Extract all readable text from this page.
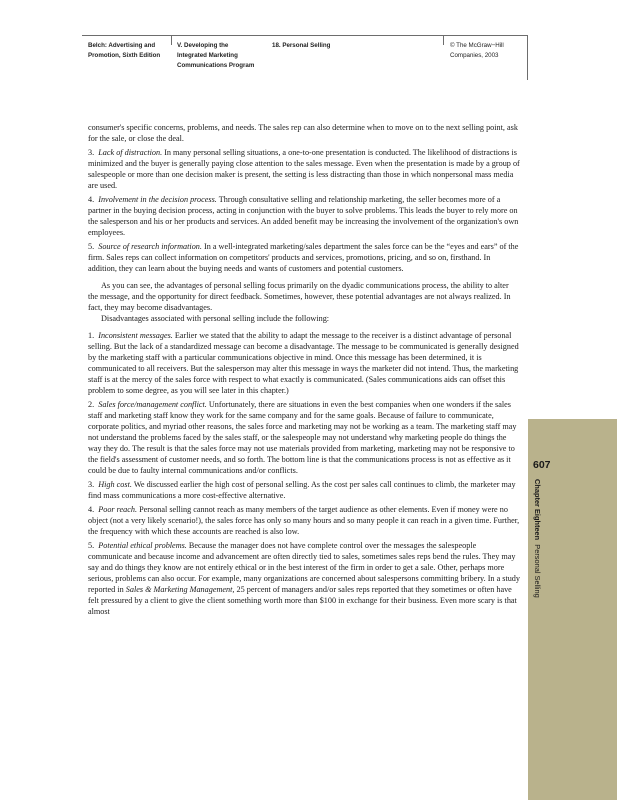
Belch: Advertising and
Promotion, Sixth Edition
V. Developing the
Integrated Marketing
Communications Program
18. Personal Selling	© The McGraw−Hill
Companies, 2003
607
Chapter Eighteen  Personal Selling

consumer's specific concerns, problems, and needs. The sales rep can also determine when to move on to the next selling point, ask for the sale, or close the deal.

3. Lack of distraction. In many personal selling situations, a one-to-one presentation is conducted. The likelihood of distractions is minimized and the buyer is generally paying close attention to the sales message. Even when the presentation is made by a group of salespeople or more than one decision maker is present, the setting is less distracting than those in which nonpersonal mass media are used.

4. Involvement in the decision process. Through consultative selling and relationship marketing, the seller becomes more of a partner in the buying decision process, acting in conjunction with the buyer to solve problems. This leads the buyer to rely more on the salesperson and his or her products and services. An added benefit may be increasing the involvement of the organization's own employees.

5. Source of research information. In a well-integrated marketing/sales department the sales force can be the “eyes and ears” of the firm. Sales reps can collect information on competitors' products and services, promotions, pricing, and so on, firsthand. In addition, they can learn about the buying needs and wants of customers and potential customers.

As you can see, the advantages of personal selling focus primarily on the dyadic communications process, the ability to alter the message, and the opportunity for direct feedback. Sometimes, however, these potential advantages are not always realized. In fact, they may become disadvantages.

Disadvantages associated with personal selling include the following:

1. Inconsistent messages. Earlier we stated that the ability to adapt the message to the receiver is a distinct advantage of personal selling. But the lack of a standardized message can become a disadvantage. The message to be communicated is generally designed by the marketing staff with a particular communications objective in mind. Once this message has been determined, it is communicated to all receivers. But the salesperson may alter this message in ways the marketer did not intend. Thus, the marketing staff is at the mercy of the sales force with respect to what exactly is communicated. (Sales communications aids can offset this problem to some degree, as you will see later in this chapter.)

2. Sales force/management conflict. Unfortunately, there are situations in even the best companies when one wonders if the sales staff and marketing staff know they work for the same company and for the same goals. Because of failure to communicate, corporate politics, and myriad other reasons, the sales force and marketing may not be working as a team. The marketing staff may not understand the problems faced by the sales staff, or the salespeople may not understand why marketing people do things the way they do. The result is that the sales force may not use materials provided from marketing, marketing may not be responsive to the field's assessment of customer needs, and so forth. The bottom line is that the communications process is not as effective as it could be due to faulty internal communications and/or conflicts.

3. High cost. We discussed earlier the high cost of personal selling. As the cost per sales call continues to climb, the marketer may find mass communications a more cost-effective alternative.

4. Poor reach. Personal selling cannot reach as many members of the target audience as other elements. Even if money were no object (not a very likely scenario!), the sales force has only so many hours and so many people it can reach in a given time. Further, the frequency with which these accounts are reached is also low.

5. Potential ethical problems. Because the manager does not have complete control over the messages the salespeople communicate and because income and advancement are often directly tied to sales, sometimes sales reps bend the rules. They may say and do things they know are not entirely ethical or in the best interest of the firm in order to get a sale. Other, perhaps more serious, problems can also occur. For example, many organizations are concerned about salespersons committing bribery. In a study reported in Sales & Marketing Management, 25 percent of managers and/or sales reps reported that they sometimes or often have felt pressured by a client to give the client something worth more than $100 in exchange for their business. Even more scary is that almost
